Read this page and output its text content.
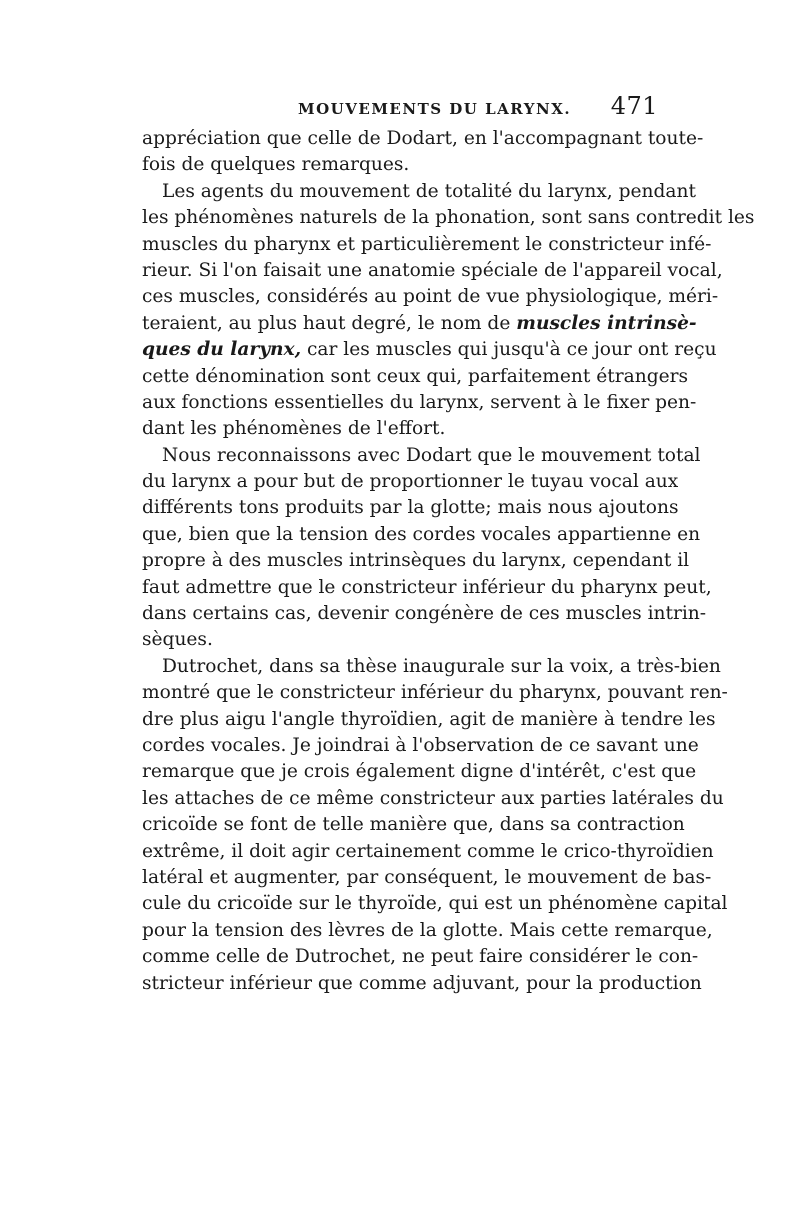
MOUVEMENTS DU LARYNX. 471
appréciation que celle de Dodart, en l'accompagnant toute-
fois de quelques remarques.
Les agents du mouvement de totalité du larynx, pendant
les phénomènes naturels de la phonation, sont sans contredit les
muscles du pharynx et particulièrement le constricteur infé-
rieur. Si l'on faisait une anatomie spéciale de l'appareil vocal,
ces muscles, considérés au point de vue physiologique, méri-
teraient, au plus haut degré, le nom de muscles intrinsè-
ques du larynx, car les muscles qui jusqu'à ce jour ont reçu
cette dénomination sont ceux qui, parfaitement étrangers
aux fonctions essentielles du larynx, servent à le fixer pen-
dant les phénomènes de l'effort.
Nous reconnaissons avec Dodart que le mouvement total
du larynx a pour but de proportionner le tuyau vocal aux
différents tons produits par la glotte; mais nous ajoutons
que, bien que la tension des cordes vocales appartienne en
propre à des muscles intrinsèques du larynx, cependant il
faut admettre que le constricteur inférieur du pharynx peut,
dans certains cas, devenir congénère de ces muscles intrin-
sèques.
Dutrochet, dans sa thèse inaugurale sur la voix, a très-bien
montré que le constricteur inférieur du pharynx, pouvant ren-
dre plus aigu l'angle thyroïdien, agit de manière à tendre les
cordes vocales. Je joindrai à l'observation de ce savant une
remarque que je crois également digne d'intérêt, c'est que
les attaches de ce même constricteur aux parties latérales du
cricoïde se font de telle manière que, dans sa contraction
extrême, il doit agir certainement comme le crico-thyroïdien
latéral et augmenter, par conséquent, le mouvement de bas-
cule du cricoïde sur le thyroïde, qui est un phénomène capital
pour la tension des lèvres de la glotte. Mais cette remarque,
comme celle de Dutrochet, ne peut faire considérer le con-
stricteur inférieur que comme adjuvant, pour la production
